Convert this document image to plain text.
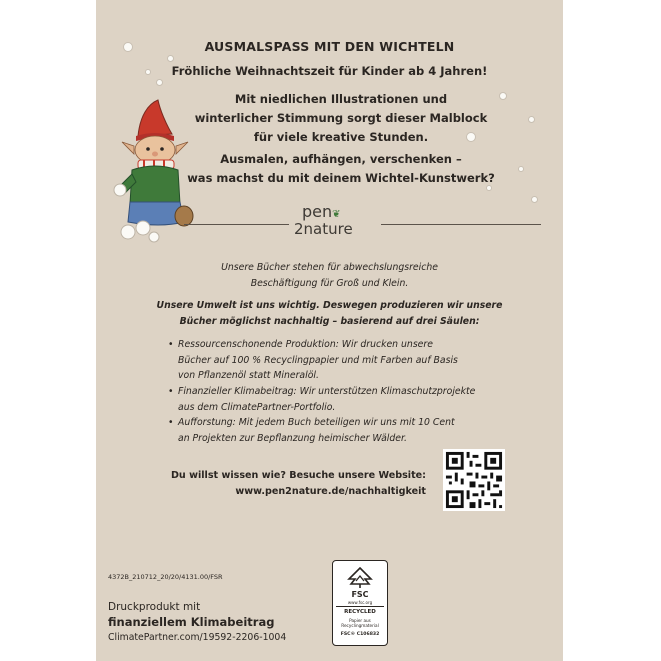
AUSMALSPASS MIT DEN WICHTELN
Fröhliche Weihnachtszeit für Kinder ab 4 Jahren!
Mit niedlichen Illustrationen und
winterlicher Stimmung sorgt dieser Malblock
für viele kreative Stunden.
Ausmalen, aufhängen, verschenken –
was machst du mit deinem Wichtel-Kunstwerk?
pen❦
2nature
Unsere Bücher stehen für abwechslungsreiche
Beschäftigung für Groß und Klein.
Unsere Umwelt ist uns wichtig. Deswegen produzieren wir unsere
Bücher möglichst nachhaltig – basierend auf drei Säulen:
• Ressourcenschonende Produktion: Wir drucken unsere
Bücher auf 100 % Recyclingpapier und mit Farben auf Basis
von Pflanzenöl statt Mineralöl.
• Finanzieller Klimabeitrag: Wir unterstützen Klimaschutzprojekte
aus dem ClimatePartner-Portfolio.
• Aufforstung: Mit jedem Buch beteiligen wir uns mit 10 Cent
an Projekten zur Bepflanzung heimischer Wälder.
Du willst wissen wie? Besuche unsere Website:
www.pen2nature.de/nachhaltigkeit
4372B_210712_20/20/4131.00/FSR
Druckprodukt mit
finanziellem Klimabeitrag
ClimatePartner.com/19592-2206-1004
FSC
www.fsc.org
RECYCLED
Papier aus
Recyclingmaterial
FSC® C106832
